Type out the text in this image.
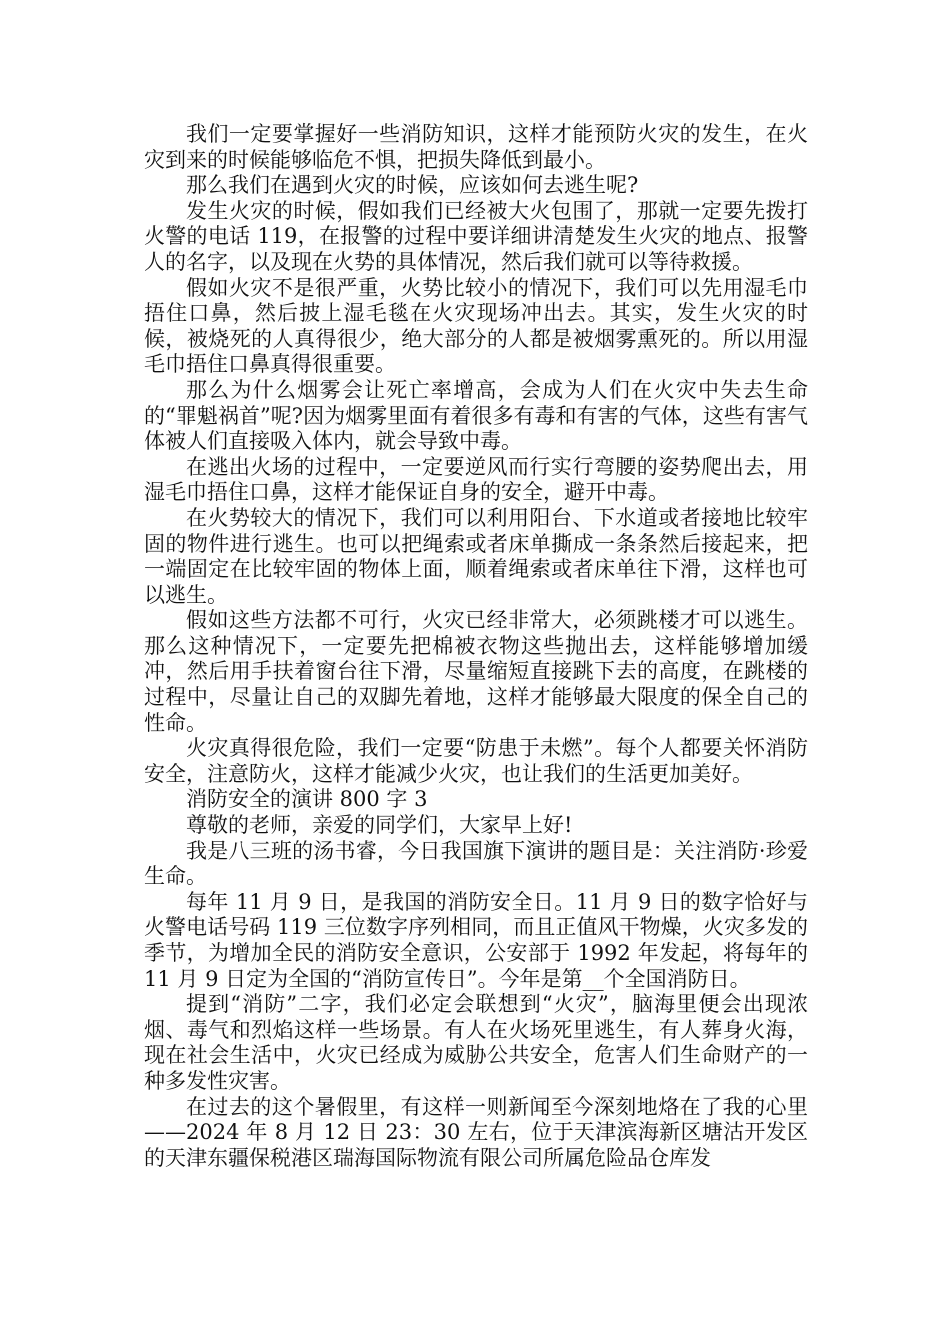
我们一定要掌握好一些消防知识，这样才能预防火灾的发生，在火灾到来的时候能够临危不惧，把损失降低到最小。

那么我们在遇到火灾的时候，应该如何去逃生呢?

发生火灾的时候，假如我们已经被大火包围了，那就一定要先拨打火警的电话 119，在报警的过程中要详细讲清楚发生火灾的地点、报警人的名字，以及现在火势的具体情况，然后我们就可以等待救援。

假如火灾不是很严重，火势比较小的情况下，我们可以先用湿毛巾捂住口鼻，然后披上湿毛毯在火灾现场冲出去。其实，发生火灾的时候，被烧死的人真得很少，绝大部分的人都是被烟雾熏死的。所以用湿毛巾捂住口鼻真得很重要。

那么为什么烟雾会让死亡率增高，会成为人们在火灾中失去生命的“罪魁祸首”呢?因为烟雾里面有着很多有毒和有害的气体，这些有害气体被人们直接吸入体内，就会导致中毒。

在逃出火场的过程中，一定要逆风而行实行弯腰的姿势爬出去，用湿毛巾捂住口鼻，这样才能保证自身的安全，避开中毒。

在火势较大的情况下，我们可以利用阳台、下水道或者接地比较牢固的物件进行逃生。也可以把绳索或者床单撕成一条条然后接起来，把一端固定在比较牢固的物体上面，顺着绳索或者床单往下滑，这样也可以逃生。

假如这些方法都不可行，火灾已经非常大，必须跳楼才可以逃生。那么这种情况下，一定要先把棉被衣物这些抛出去，这样能够增加缓冲，然后用手扶着窗台往下滑，尽量缩短直接跳下去的高度，在跳楼的过程中，尽量让自己的双脚先着地，这样才能够最大限度的保全自己的性命。

火灾真得很危险，我们一定要“防患于未燃”。每个人都要关怀消防安全，注意防火，这样才能减少火灾，也让我们的生活更加美好。

消防安全的演讲 800 字 3

尊敬的老师，亲爱的同学们，大家早上好!

我是八三班的汤书睿，今日我国旗下演讲的题目是：关注消防·珍爱生命。

每年 11 月 9 日，是我国的消防安全日。11 月 9 日的数字恰好与火警电话号码 119 三位数字序列相同，而且正值风干物燥，火灾多发的季节，为增加全民的消防安全意识，公安部于 1992 年发起，将每年的 11 月 9 日定为全国的“消防宣传日”。今年是第__个全国消防日。

提到“消防”二字，我们必定会联想到“火灾”，脑海里便会出现浓烟、毒气和烈焰这样一些场景。有人在火场死里逃生，有人葬身火海，现在社会生活中，火灾已经成为威胁公共安全，危害人们生命财产的一种多发性灾害。

在过去的这个暑假里，有这样一则新闻至今深刻地烙在了我的心里——2024 年 8 月 12 日 23：30 左右，位于天津滨海新区塘沽开发区的天津东疆保税港区瑞海国际物流有限公司所属危险品仓库发
